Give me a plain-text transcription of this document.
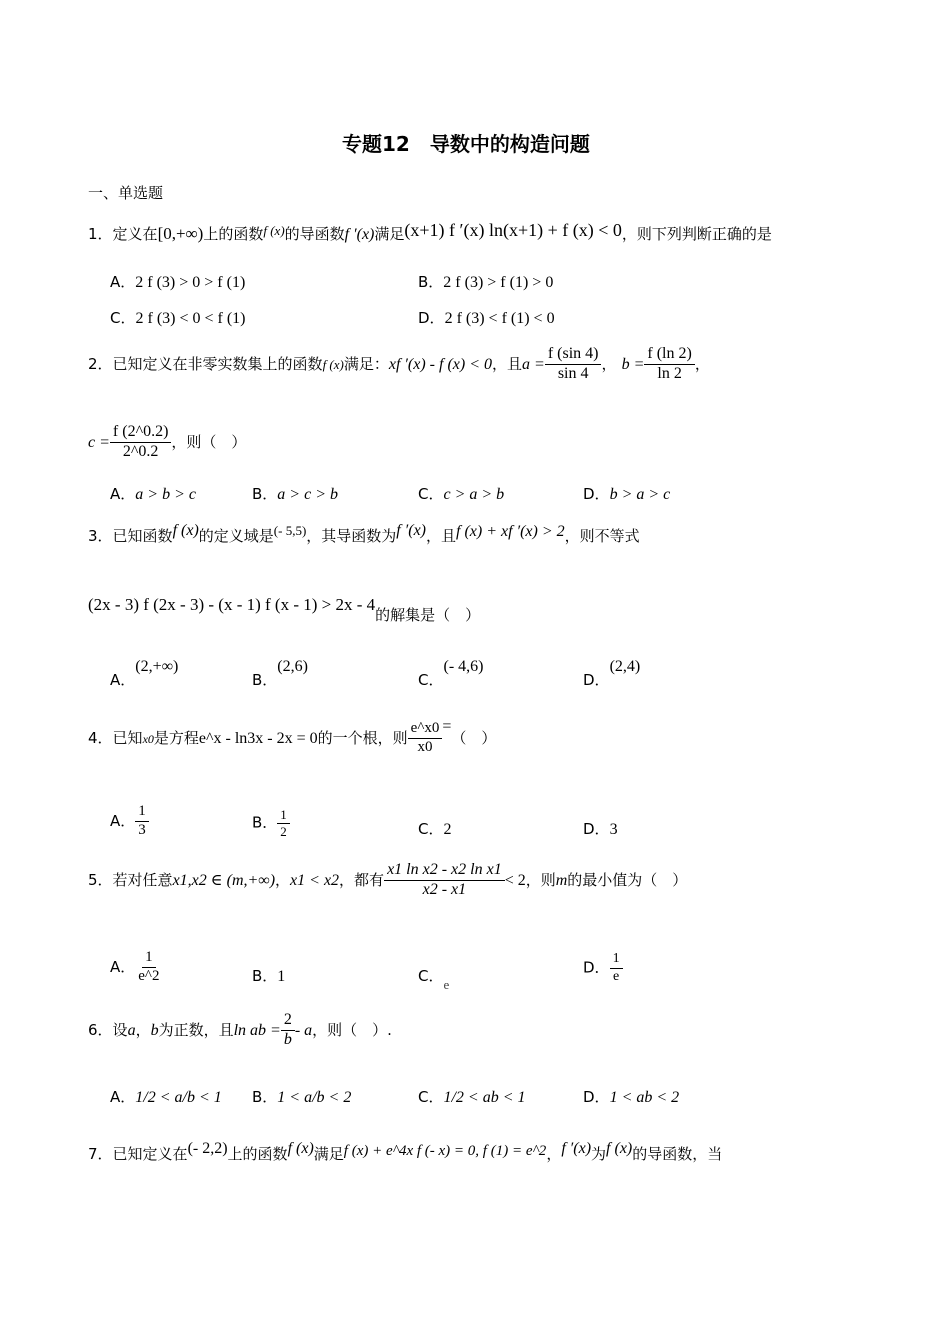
专题12　导数中的构造问题
一、单选题
1．定义在[0,+∞)上的函数$^{f (x)}$的导函数f ′(x)满足(x+1) f ′(x) ln(x+1) + f (x) < 0，则下列判断正确的是
A．2 f (3) > 0 > f (1)	B．2 f (3) > f (1) > 0
C．2 f (3) < 0 < f (1)	D．2 f (3) < f (1) < 0
2．已知定义在非零实数集上的函数f (x)满足：xf ′(x) - f (x) < 0，且$a = \frac{f (\sin 4)}{\sin 4}$ ， $b = \frac{f (\ln 2)}{\ln 2}$ ，
$c = \frac{f (2\^{}0.2)}{2\^{}0.2}$ ，则（　）
A．a > b > c	B．a > c > b	C．c > a > b	D．b > a > c
3．已知函数f (x)的定义域是$^{(- 5,5)}$，其导函数为f ′(x)，且f (x) + xf ′(x) > 2，则不等式
(2x - 3) f (2x - 3) - (x - 1) f (x - 1) > 2x - 4的解集是（　）
A．(2,+∞)
B．(2,6)
C．(- 4,6)
D．(2,4)
4．已知x0是方程e^x - ln3x - 2x = 0的一个根，则 $\frac{e\^{}x0}{x0}$ =（　）
A． $\frac{1}{3}$	B． $\frac{1}{2}$	C．2	D．3
5．若对任意x1,x2 ∈ (m,+∞)，x1 < x2，都有 $\frac{\text{x1 ln x2 - x2 ln x1}}{x2 - x1} < 2$，则m的最小值为（　）
A． $\frac{1}{e\^{}2}$	B．1	C．$_e$
D． $\frac{1}{e}$
6．设a，b为正数，且ln ab = $\frac{2}{b}$ - a，则（　）.
A．1/2 < a/b < 1 B．1 < a/b < 2	C．1/2 < ab < 1	D．1 < ab < 2
7．已知定义在(- 2,2)上的函数f (x)满足f (x) + e^4x f (- x) = 0, f (1) = e^2，f ′(x)为f (x)的导函数，当
